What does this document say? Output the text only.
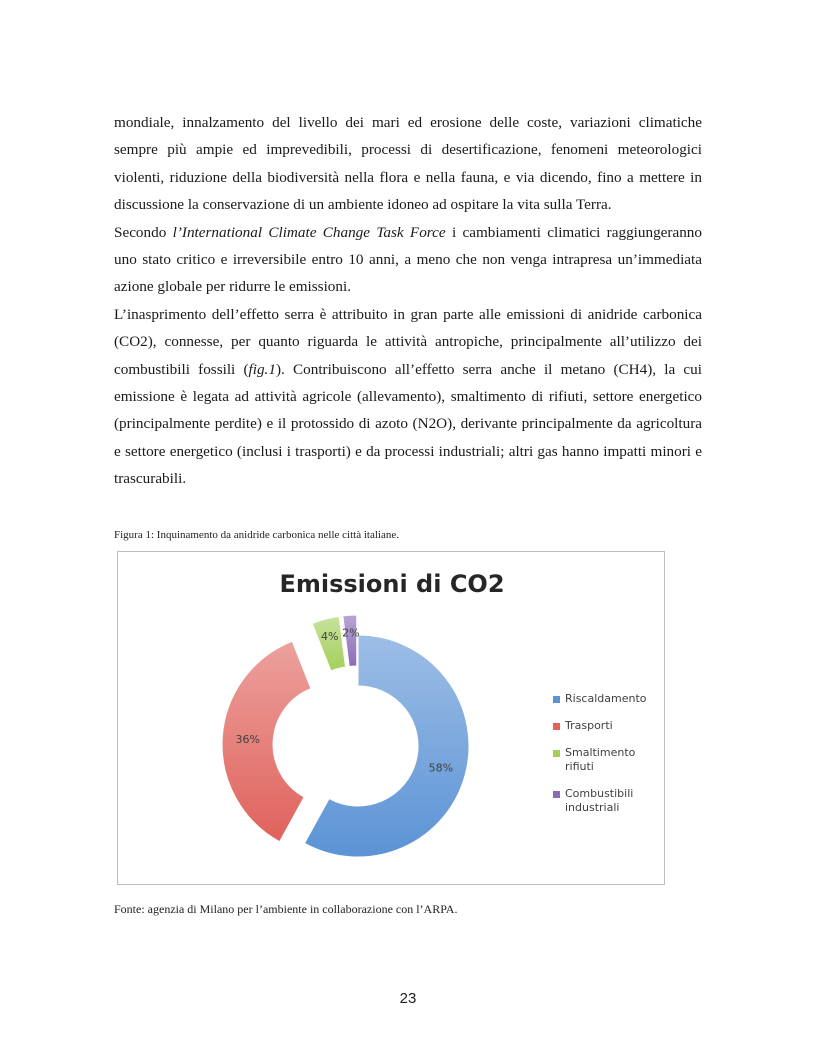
mondiale, innalzamento del livello dei mari ed erosione delle coste, variazioni climatiche sempre più ampie ed imprevedibili, processi di desertificazione, fenomeni meteorologici violenti, riduzione della biodiversità nella flora e nella fauna, e via dicendo, fino a mettere in discussione la conservazione di un ambiente idoneo ad ospitare la vita sulla Terra.

Secondo l’International Climate Change Task Force i cambiamenti climatici raggiungeranno uno stato critico e irreversibile entro 10 anni, a meno che non venga intrapresa un’immediata azione globale per ridurre le emissioni.

L’inasprimento dell’effetto serra è attribuito in gran parte alle emissioni di anidride carbonica (CO2), connesse, per quanto riguarda le attività antropiche, principalmente all’utilizzo dei combustibili fossili (fig.1). Contribuiscono all’effetto serra anche il metano (CH4), la cui emissione è legata ad attività agricole (allevamento), smaltimento di rifiuti, settore energetico (principalmente perdite) e il protossido di azoto (N2O), derivante principalmente da agricoltura e settore energetico (inclusi i trasporti) e da processi industriali; altri gas hanno impatti minori e trascurabili.

Figura 1: Inquinamento da anidride carbonica nelle città italiane.
Emissioni di CO2
58%
36%
4% 2%
Riscaldamento
Trasporti
Smaltimento rifiuti
Combustibili industriali
Fonte: agenzia di Milano per l’ambiente in collaborazione con l’ARPA.
23
